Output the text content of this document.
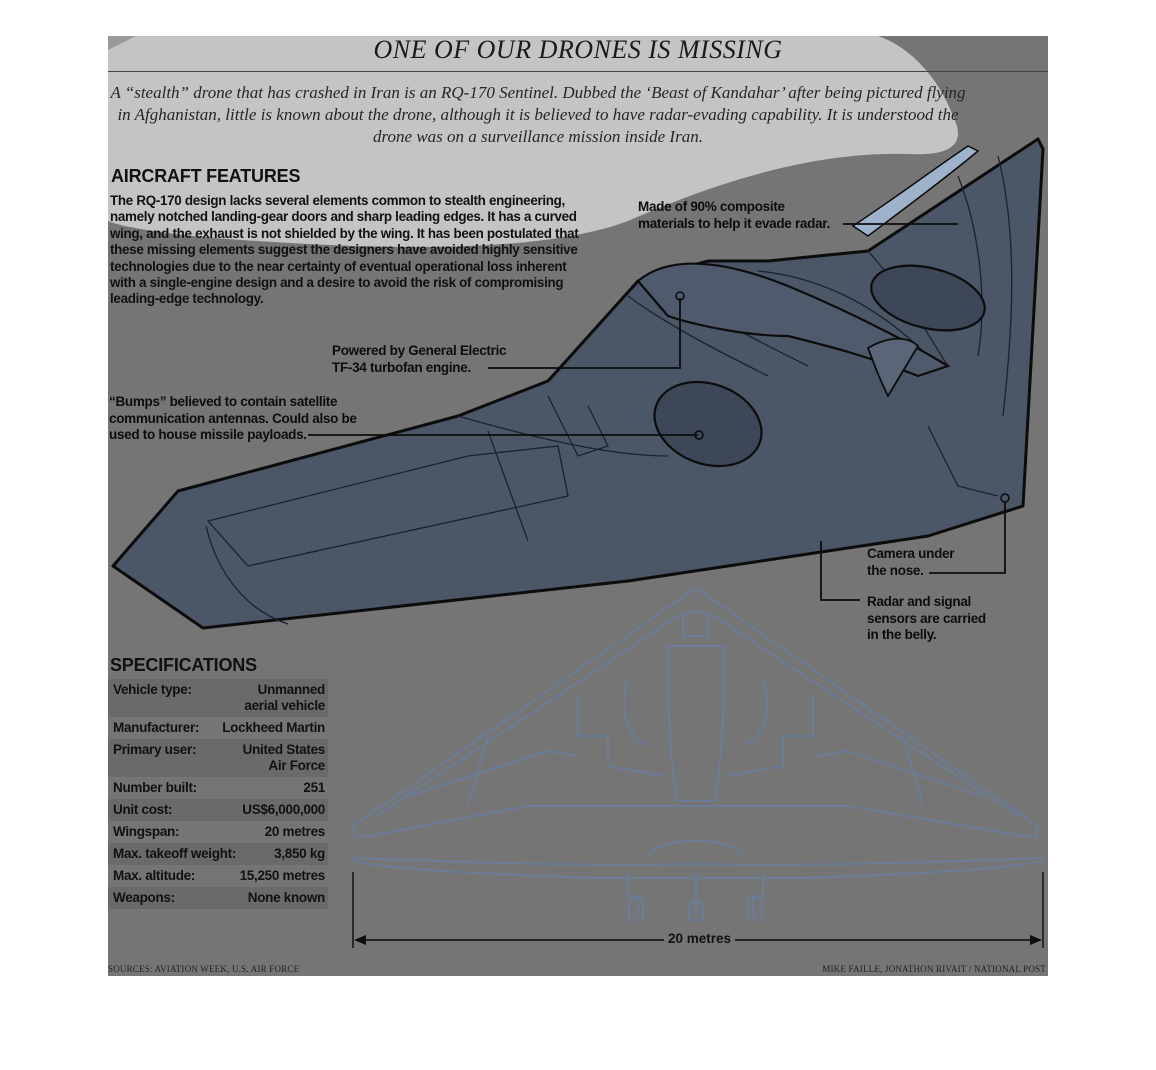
ONE OF OUR DRONES IS MISSING
A “stealth” drone that has crashed in Iran is an RQ-170 Sentinel. Dubbed the ‘Beast of Kandahar’ after being pictured flying in Afghanistan, little is known about the drone, although it is believed to have radar-evading capability. It is understood the drone was on a surveillance mission inside Iran.
AIRCRAFT FEATURES
The RQ-170 design lacks several elements common to stealth engineering, namely notched landing-gear doors and sharp leading edges. It has a curved wing, and the exhaust is not shielded by the wing. It has been postulated that these missing elements suggest the designers have avoided highly sensitive technologies due to the near certainty of eventual operational loss inherent with a single-engine design and a desire to avoid the risk of compromising leading-edge technology.
Made of 90% composite
materials to help it evade radar.
Powered by General Electric
TF-34 turbofan engine.
“Bumps” believed to contain satellite
communication antennas. Could also be
used to house missile payloads.
Camera under
the nose.
Radar and signal
sensors are carried
in the belly.
SPECIFICATIONS
Vehicle type:	Unmanned
aerial vehicle
Manufacturer: Lockheed Martin
Primary user:	United States
Air Force
Number built:	251
Unit cost:	US$6,000,000
Wingspan:	20 metres
Max. takeoff weight:	3,850 kg
Max. altitude:	15,250 metres
Weapons:	None known
20 metres
SOURCES: AVIATION WEEK, U.S. AIR FORCE	MIKE FAILLE, JONATHON RIVAIT / NATIONAL POST
